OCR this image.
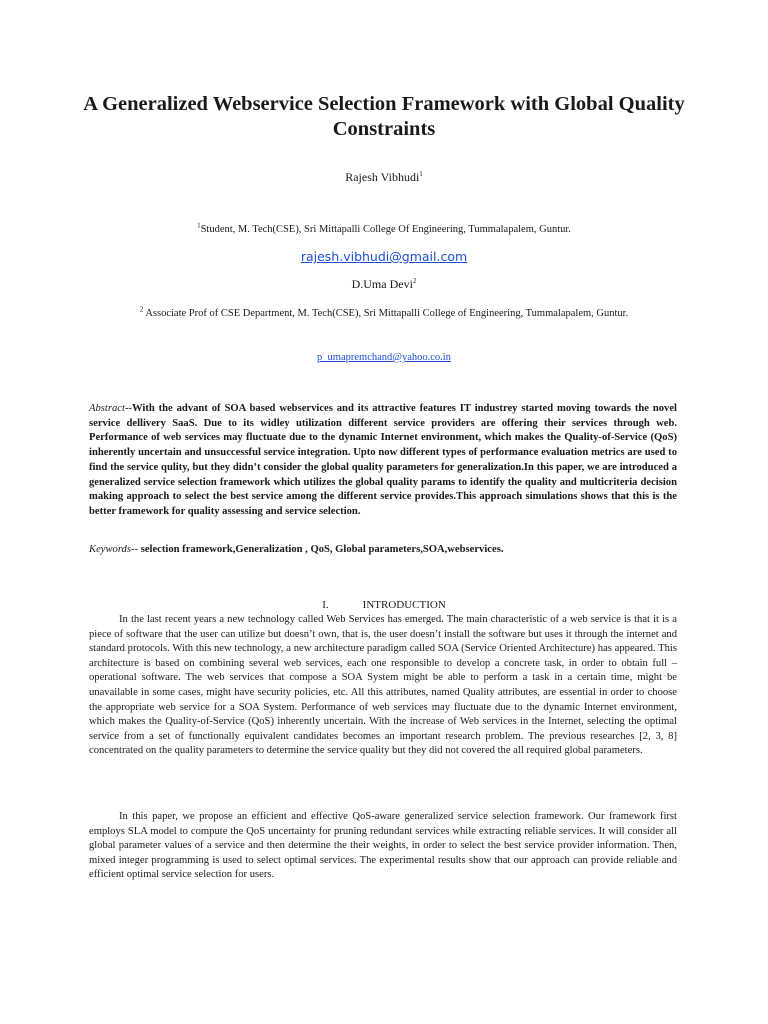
A Generalized Webservice Selection Framework with Global Quality Constraints
Rajesh Vibhudi$^1$
$^1$Student, M. Tech(CSE), Sri Mittapalli College Of Engineering, Tummalapalem, Guntur.
rajesh.vibhudi@gmail.com
D.Uma Devi$^2$
$^2$ Associate Prof of CSE Department, M. Tech(CSE), Sri Mittapalli College of Engineering, Tummalapalem, Guntur.
p_umapremchand@yahoo.co.in
Abstract--With the advant of SOA based webservices and its attractive features IT industrey started moving towards the novel service dellivery SaaS. Due to its widley utilization different service providers are offering their services through web. Performance of web services may fluctuate due to the dynamic Internet environment, which makes the Quality-of-Service (QoS) inherently uncertain and unsuccessful service integration. Upto now different types of performance evaluation metrics are used to find the service qulity, but they didn’t consider the global quality parameters for generalization.In this paper, we are introduced a generalized service selection framework which utilizes the global quality params to identify the quality and multicriteria decision making approach to select the best service among the different service provides.This approach simulations shows that this is the better framework for quality assessing and service selection.
Keywords-- selection framework,Generalization , QoS, Global parameters,SOA,webservices.
I.	INTRODUCTION

In the last recent years a new technology called Web Services has emerged. The main characteristic of a web service is that it is a piece of software that the user can utilize but doesn’t own, that is, the user doesn’t install the software but uses it through the internet and standard protocols. With this new technology, a new architecture paradigm called SOA (Service Oriented Architecture) has appeared. This architecture is based on combining several web services, each one responsible to develop a concrete task, in order to obtain full – operational software. The web services that compose a SOA System might be able to perform a task in a certain time, might be unavailable in some cases, might have security policies, etc. All this attributes, named Quality attributes, are essential in order to choose the appropriate web service for a SOA System. Performance of web services may fluctuate due to the dynamic Internet environment, which makes the Quality-of-Service (QoS) inherently uncertain. With the increase of Web services in the Internet, selecting the optimal service from a set of functionally equivalent candidates becomes an important research problem. The previous researches [2, 3, 8] concentrated on the quality parameters to determine the service quality but they did not covered the all required global parameters.

In this paper, we propose an efficient and effective QoS-aware generalized service selection framework. Our framework first employs SLA model to compute the QoS uncertainty for pruning redundant services while extracting reliable services. It will consider all global parameter values of a service and then determine the their weights, in order to select the best service provider information. Then, mixed integer programming is used to select optimal services. The experimental results show that our approach can provide reliable and efficient optimal service selection for users.
